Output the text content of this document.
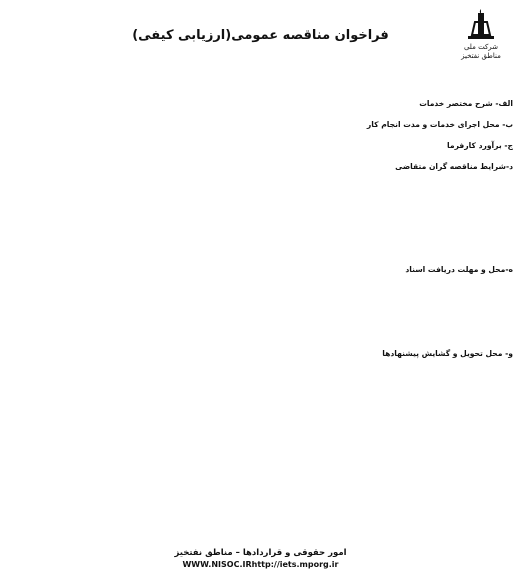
شرکت ملی
مناطق نفتخیز
فراخوان مناقصه عمومی(ارزیابی کیفی)
الف- شرح مختصر خدمات
ب- محل اجرای خدمات و مدت انجام کار
ج- برآورد کارفرما
د-شرایط مناقصه گران متقاضی
ه-محل و مهلت دریافت اسناد
و- محل تحویل و گشایش پیشنهادها
امور حقوقی و قراردادها – مناطق نفتخیز
WWW.NISOC.IRhttp://iets.mporg.ir
